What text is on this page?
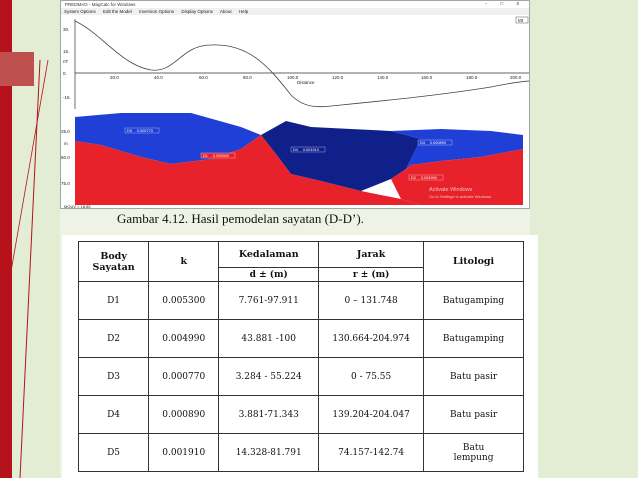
PREDMAG - MagCalc for Windows	- □ x
System Options Edit the Model Inversion Options Display Options About Help
Mt
30.
15.
0.
-15.
nT
20.0	40.0	60.0	80.0	100.0	120.0	140.0	160.0	180.0	200.0
Distance
D5 0.000770
D1 0.005300
D4 0.001910
D4 0.000890
D2 0.004990
25.0
m
50.0
75.0
Activate Windows
Go to Settings to activate Windows.
MOUV = 18.85
Gambar 4.12. Hasil pemodelan sayatan (D-D’).
Body
Sayatan	k	Kedalaman	Jarak	Litologi
		d ± (m)	r ± (m)	
D1	0.005300	7.761-97.911	0 – 131.748	Batugamping
D2	0.004990	43.881 -100	130.664-204.974	Batugamping
D3	0.000770	3.284 - 55.224	0 - 75.55	Batu pasir
D4	0.000890	3.881-71.343	139.204-204.047	Batu pasir
D5	0.001910	14.328-81.791	74.157-142.74	Batu
lempung
